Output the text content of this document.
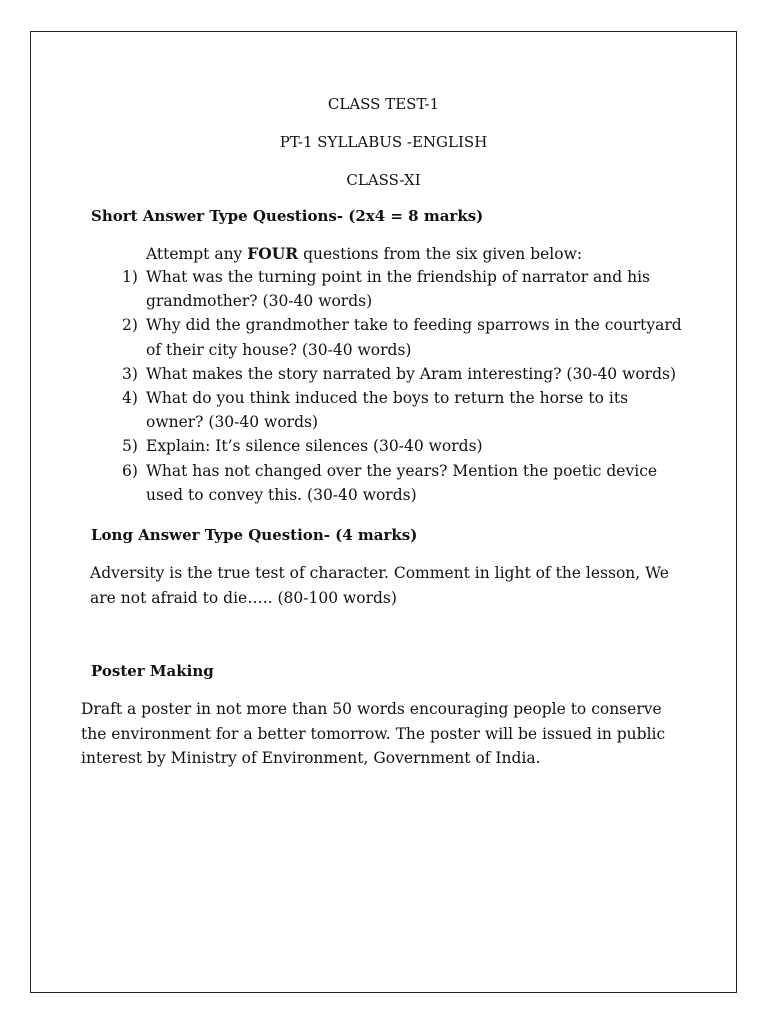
CLASS TEST-1
PT-1 SYLLABUS -ENGLISH
CLASS-XI
Short Answer Type Questions- (2x4 = 8 marks)
Attempt any FOUR questions from the six given below:
1) What was the turning point in the friendship of narrator and his grandmother? (30-40 words)
2) Why did the grandmother take to feeding sparrows in the courtyard of their city house? (30-40 words)
3) What makes the story narrated by Aram interesting? (30-40 words)
4) What do you think induced the boys to return the horse to its owner? (30-40 words)
5) Explain: It’s silence silences (30-40 words)
6) What has not changed over the years? Mention the poetic device used to convey this. (30-40 words)
Long Answer Type Question- (4 marks)
Adversity is the true test of character. Comment in light of the lesson, We are not afraid to die….. (80-100 words)
Poster Making
Draft a poster in not more than 50 words encouraging people to conserve the environment for a better tomorrow. The poster will be issued in public interest by Ministry of Environment, Government of India.
